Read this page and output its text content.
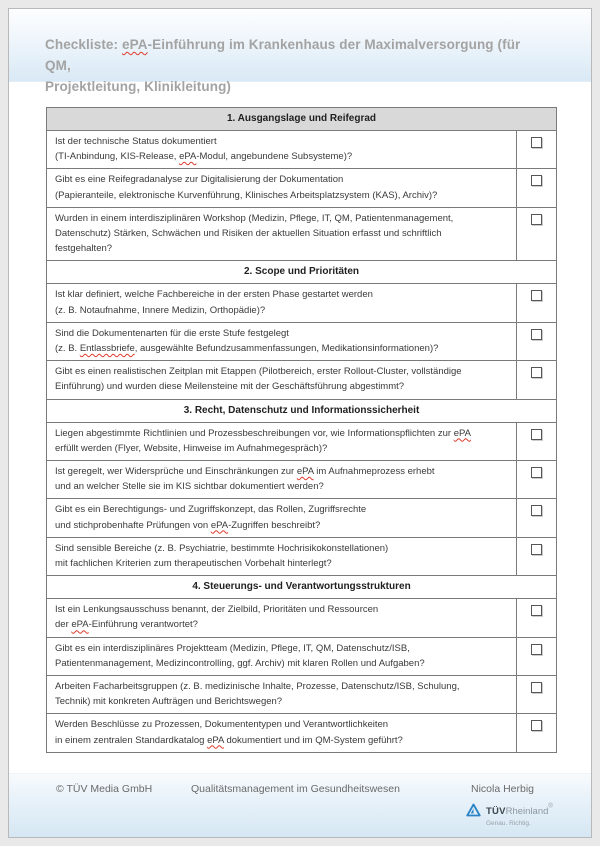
Checkliste: ePA-Einführung im Krankenhaus der Maximalversorgung (für QM,
Projektleitung, Klinikleitung)
1. Ausgangslage und Reifegrad
Ist der technische Status dokumentiert
(TI-Anbindung, KIS-Release, ePA-Modul, angebundene Subsysteme)?
Gibt es eine Reifegradanalyse zur Digitalisierung der Dokumentation
(Papieranteile, elektronische Kurvenführung, Klinisches Arbeitsplatzsystem (KAS), Archiv)?
Wurden in einem interdisziplinären Workshop (Medizin, Pflege, IT, QM, Patientenmanagement,
Datenschutz) Stärken, Schwächen und Risiken der aktuellen Situation erfasst und schriftlich
festgehalten?
2. Scope und Prioritäten
Ist klar definiert, welche Fachbereiche in der ersten Phase gestartet werden
(z. B. Notaufnahme, Innere Medizin, Orthopädie)?
Sind die Dokumentenarten für die erste Stufe festgelegt
(z. B. Entlassbriefe, ausgewählte Befundzusammenfassungen, Medikationsinformationen)?
Gibt es einen realistischen Zeitplan mit Etappen (Pilotbereich, erster Rollout-Cluster, vollständige
Einführung) und wurden diese Meilensteine mit der Geschäftsführung abgestimmt?
3. Recht, Datenschutz und Informationssicherheit
Liegen abgestimmte Richtlinien und Prozessbeschreibungen vor, wie Informationspflichten zur ePA
erfüllt werden (Flyer, Website, Hinweise im Aufnahmegespräch)?
Ist geregelt, wer Widersprüche und Einschränkungen zur ePA im Aufnahmeprozess erhebt
und an welcher Stelle sie im KIS sichtbar dokumentiert werden?
Gibt es ein Berechtigungs- und Zugriffskonzept, das Rollen, Zugriffsrechte
und stichprobenhafte Prüfungen von ePA-Zugriffen beschreibt?
Sind sensible Bereiche (z. B. Psychiatrie, bestimmte Hochrisikokonstellationen)
mit fachlichen Kriterien zum therapeutischen Vorbehalt hinterlegt?
4. Steuerungs- und Verantwortungsstrukturen
Ist ein Lenkungsausschuss benannt, der Zielbild, Prioritäten und Ressourcen
der ePA-Einführung verantwortet?
Gibt es ein interdisziplinäres Projektteam (Medizin, Pflege, IT, QM, Datenschutz/ISB,
Patientenmanagement, Medizincontrolling, ggf. Archiv) mit klaren Rollen und Aufgaben?
Arbeiten Facharbeitsgruppen (z. B. medizinische Inhalte, Prozesse, Datenschutz/ISB, Schulung,
Technik) mit konkreten Aufträgen und Berichtswegen?
Werden Beschlüsse zu Prozessen, Dokumententypen und Verantwortlichkeiten
in einem zentralen Standardkatalog ePA dokumentiert und im QM-System geführt?
© TÜV Media GmbH	Qualitätsmanagement im Gesundheitswesen	Nicola Herbig
TÜVRheinland®
Genau. Richtig.
